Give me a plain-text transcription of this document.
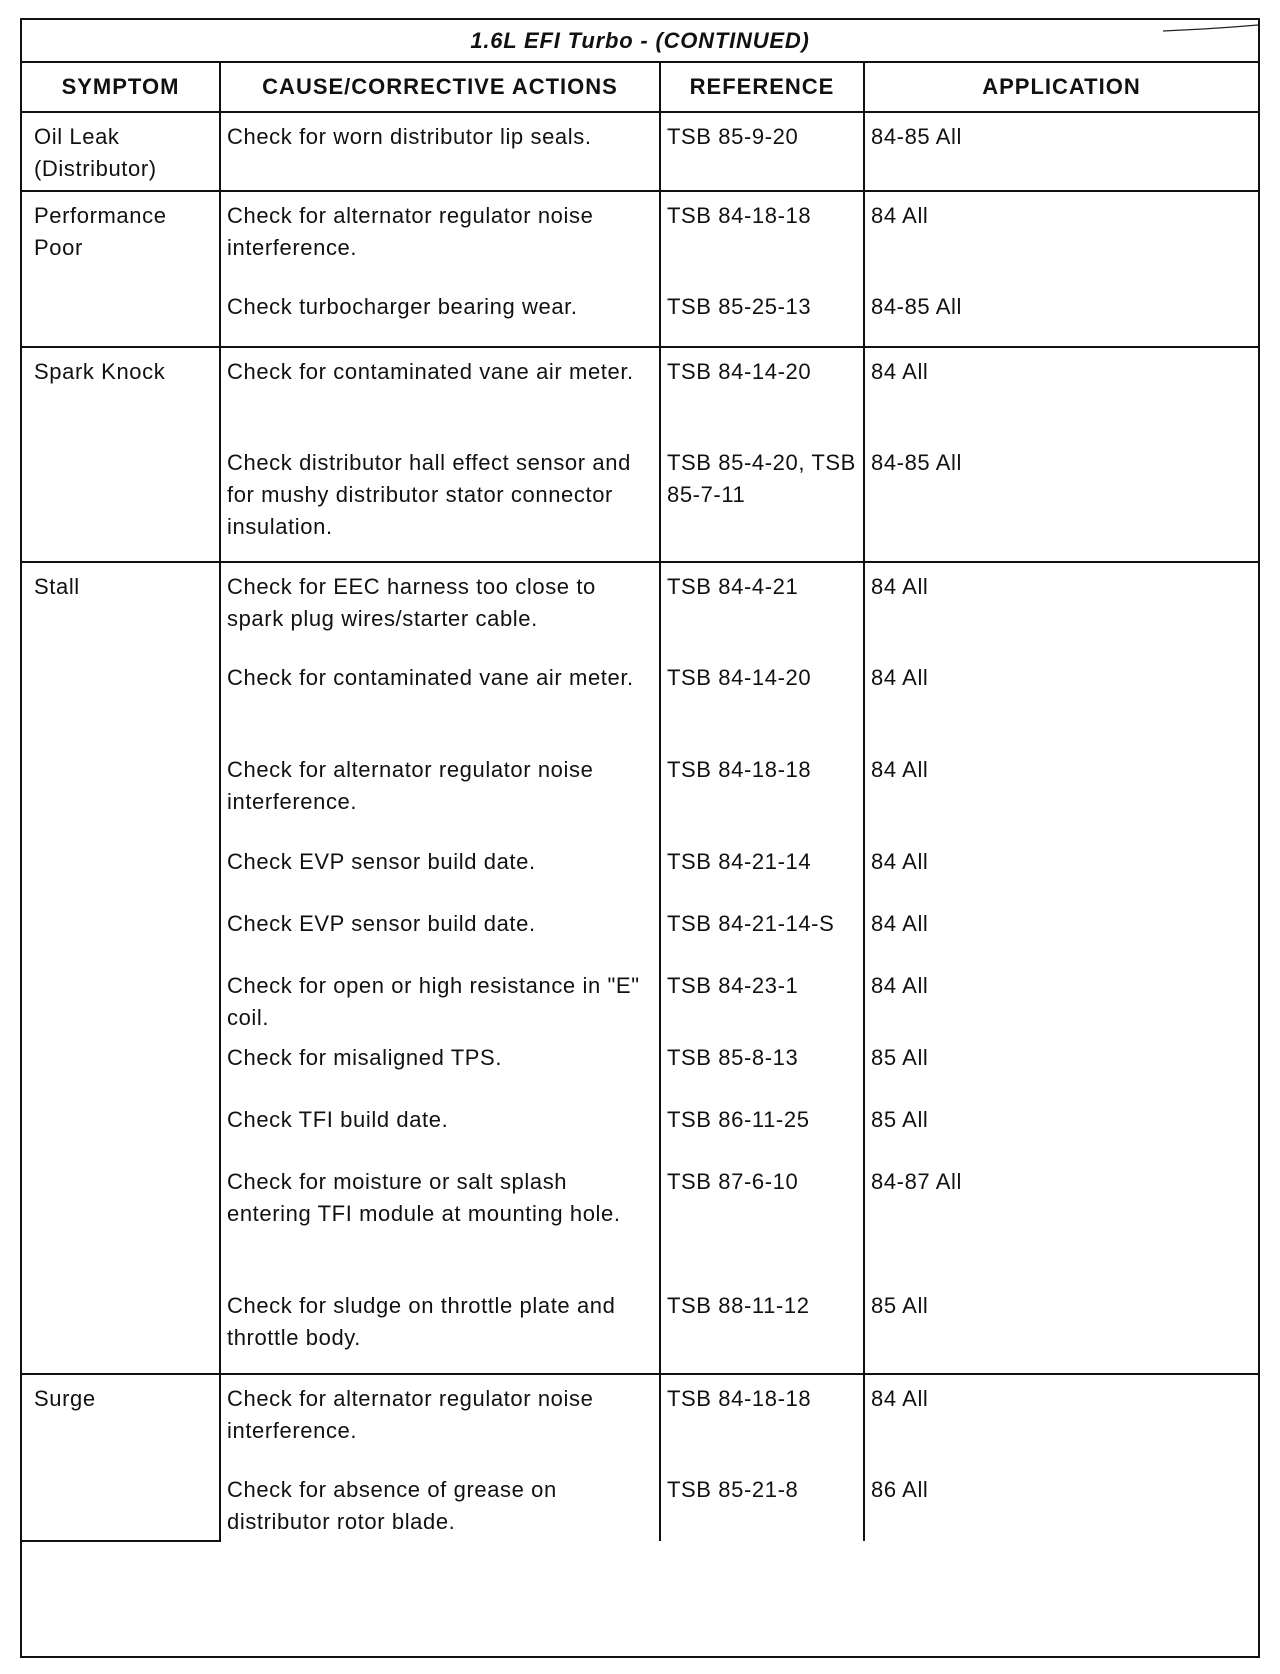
1.6L EFI Turbo - (CONTINUED)			
SYMPTOM	CAUSE/CORRECTIVE ACTIONS	REFERENCE	APPLICATION

Oil Leak (Distributor)	Check for worn distributor lip seals.	TSB 85-9-20	84-85 All

Performance Poor	Check for alternator regulator noise interference.	TSB 84-18-18	84 All

	Check turbocharger bearing wear.	TSB 85-25-13	84-85 All

Spark Knock	Check for contaminated vane air meter.	TSB 84-14-20	84 All

	Check distributor hall effect sensor and for mushy distributor stator connector insulation.	TSB 85-4-20, TSB 85-7-11	84-85 All

Stall	Check for EEC harness too close to spark plug wires/starter cable.	TSB 84-4-21	84 All

	Check for contaminated vane air meter.	TSB 84-14-20	84 All

	Check for alternator regulator noise interference.	TSB 84-18-18	84 All

	Check EVP sensor build date.	TSB 84-21-14	84 All

	Check EVP sensor build date.	TSB 84-21-14-S	84 All

	Check for open or high resistance in "E" coil.	TSB 84-23-1	84 All

	Check for misaligned TPS.	TSB 85-8-13	85 All

	Check TFI build date.	TSB 86-11-25	85 All

	Check for moisture or salt splash entering TFI module at mounting hole.	TSB 87-6-10	84-87 All

	Check for sludge on throttle plate and throttle body.	TSB 88-11-12	85 All

Surge	Check for alternator regulator noise interference.	TSB 84-18-18	84 All

	Check for absence of grease on distributor rotor blade.	TSB 85-21-8	86 All
